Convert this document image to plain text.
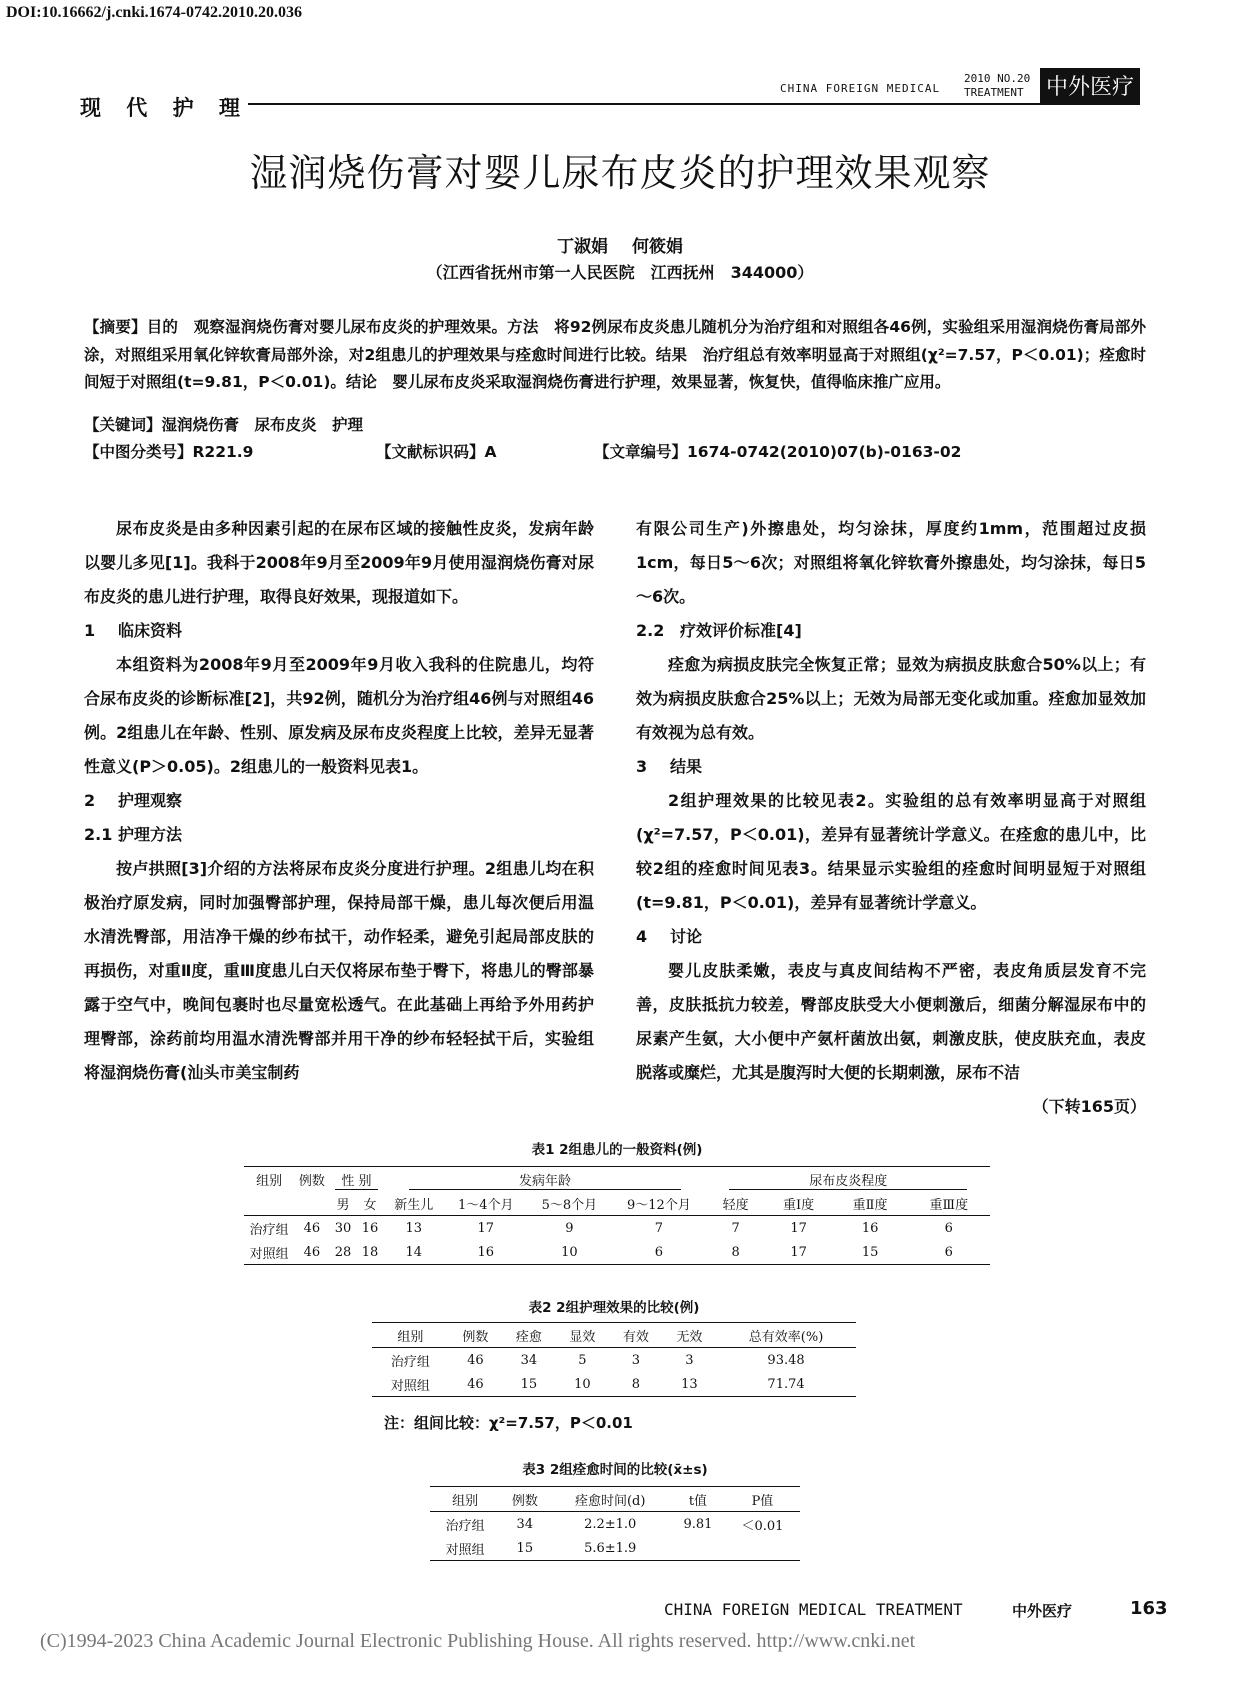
DOI:10.16662/j.cnki.1674-0742.2010.20.036
现 代 护 理
2010 NO.20
CHINA FOREIGN MEDICAL TREATMENT 中外医疗
湿润烧伤膏对婴儿尿布皮炎的护理效果观察
丁淑娟 何筱娟
（江西省抚州市第一人民医院　江西抚州　344000）
【摘要】目的　观察湿润烧伤膏对婴儿尿布皮炎的护理效果。方法　将92例尿布皮炎患儿随机分为治疗组和对照组各46例，实验组采用湿润烧伤膏局部外涂，对照组采用氧化锌软膏局部外涂，对2组患儿的护理效果与痊愈时间进行比较。结果　治疗组总有效率明显高于对照组(χ²=7.57，P＜0.01)；痊愈时间短于对照组(t=9.81，P＜0.01)。结论　婴儿尿布皮炎采取湿润烧伤膏进行护理，效果显著，恢复快，值得临床推广应用。
【关键词】湿润烧伤膏　尿布皮炎　护理
【中图分类号】R221.9	【文献标识码】A	【文章编号】1674-0742(2010)07(b)-0163-02

尿布皮炎是由多种因素引起的在尿布区域的接触性皮炎，发病年龄以婴儿多见[1]。我科于2008年9月至2009年9月使用湿润烧伤膏对尿布皮炎的患儿进行护理，取得良好效果，现报道如下。

1 临床资料

本组资料为2008年9月至2009年9月收入我科的住院患儿，均符合尿布皮炎的诊断标准[2]，共92例，随机分为治疗组46例与对照组46例。2组患儿在年龄、性别、原发病及尿布皮炎程度上比较，差异无显著性意义(P＞0.05)。2组患儿的一般资料见表1。

2 护理观察
2.1 护理方法

按卢拱照[3]介绍的方法将尿布皮炎分度进行护理。2组患儿均在积极治疗原发病，同时加强臀部护理，保持局部干燥，患儿每次便后用温水清洗臀部，用洁净干燥的纱布拭干，动作轻柔，避免引起局部皮肤的再损伤，对重Ⅱ度，重Ⅲ度患儿白天仅将尿布垫于臀下，将患儿的臀部暴露于空气中，晚间包裹时也尽量宽松透气。在此基础上再给予外用药护理臀部，涂药前均用温水清洗臀部并用干净的纱布轻轻拭干后，实验组将湿润烧伤膏(汕头市美宝制药

有限公司生产)外擦患处，均匀涂抹，厚度约1mm，范围超过皮损1cm，每日5～6次；对照组将氧化锌软膏外擦患处，均匀涂抹，每日5～6次。

2.2 疗效评价标准[4]

痊愈为病损皮肤完全恢复正常；显效为病损皮肤愈合50%以上；有效为病损皮肤愈合25%以上；无效为局部无变化或加重。痊愈加显效加有效视为总有效。

3 结果

2组护理效果的比较见表2。实验组的总有效率明显高于对照组(χ²=7.57，P＜0.01)，差异有显著统计学意义。在痊愈的患儿中，比较2组的痊愈时间见表3。结果显示实验组的痊愈时间明显短于对照组(t=9.81，P＜0.01)，差异有显著统计学意义。

4 讨论

婴儿皮肤柔嫩，表皮与真皮间结构不严密，表皮角质层发育不完善，皮肤抵抗力较差，臀部皮肤受大小便刺激后，细菌分解湿尿布中的尿素产生氨，大小便中产氨杆菌放出氨，刺激皮肤，使皮肤充血，表皮脱落或糜烂，尤其是腹泻时大便的长期刺激，尿布不洁

（下转165页）

表1 2组患儿的一般资料(例)
组别	例数	性 别		发病年龄				尿布皮炎程度			
		男	女	新生儿	1～4个月	5～8个月	9～12个月	轻度	重Ⅰ度	重Ⅱ度	重Ⅲ度
治疗组	46	30	16	13	17	9	7	7	17	16	6
对照组	46	28	18	14	16	10	6	8	17	15	6
表2 2组护理效果的比较(例)
组别	例数	痊愈	显效	有效	无效	总有效率(%)
治疗组	46	34	5	3	3	93.48
对照组	46	15	10	8	13	71.74
注：组间比较：χ²=7.57，P＜0.01
表3 2组痊愈时间的比较(x̄±s)
组别	例数	痊愈时间(d)	t值	P值
治疗组	34	2.2±1.0	9.81	＜0.01
对照组	15	5.6±1.9		
CHINA FOREIGN MEDICAL TREATMENT	中外医疗	163
(C)1994-2023 China Academic Journal Electronic Publishing House. All rights reserved. http://www.cnki.net
